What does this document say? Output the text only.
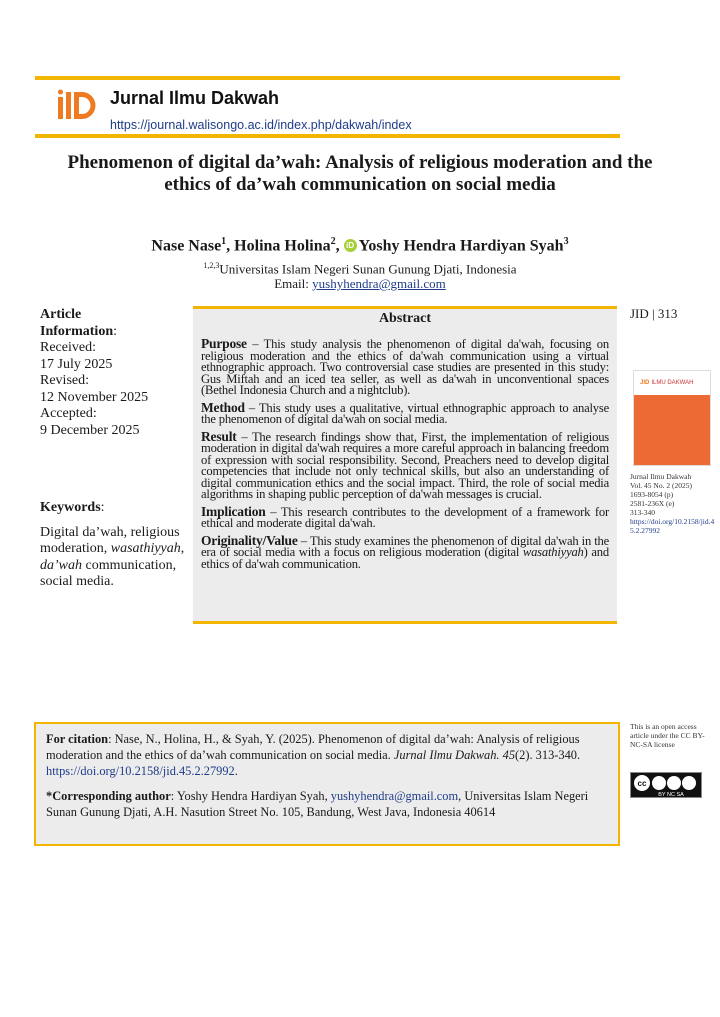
Jurnal Ilmu Dakwah
https://journal.walisongo.ac.id/index.php/dakwah/index
Phenomenon of digital da’wah: Analysis of religious moderation and the ethics of da’wah communication on social media
Nase Nase$^1$, Holina Holina$^2$, iD Yoshy Hendra Hardiyan Syah$^3$
$^{1,2,3}$Universitas Islam Negeri Sunan Gunung Djati, Indonesia
Email: yushyhendra@gmail.com
Article
Information:
Received:
17 July 2025
Revised:
12 November 2025
Accepted:
9 December 2025
Keywords:
Digital da’wah, religious moderation, wasathiyyah, da’wah communication, social media.
Abstract

Purpose – This study analysis the phenomenon of digital da'wah, focusing on religious moderation and the ethics of da'wah communication using a virtual ethnographic approach. Two controversial case studies are presented in this study: Gus Miftah and an iced tea seller, as well as da'wah in unconventional spaces (Bethel Indonesia Church and a nightclub).

Method – This study uses a qualitative, virtual ethnographic approach to analyse the phenomenon of digital da'wah on social media.

Result – The research findings show that, First, the implementation of religious moderation in digital da'wah requires a more careful approach in balancing freedom of expression with social responsibility. Second, Preachers need to develop digital competencies that include not only technical skills, but also an understanding of digital communication ethics and the social impact. Third, the role of social media algorithms in shaping public perception of da'wah messages is crucial.

Implication – This research contributes to the development of a framework for ethical and moderate digital da'wah.

Originality/Value – This study examines the phenomenon of digital da'wah in the era of social media with a focus on religious moderation (digital wasathiyyah) and ethics of da'wah communication.

JID | 313
JID ILMU DAKWAH
Jurnal Ilmu Dakwah
Vol. 45 No. 2 (2025)
1693-8054 (p)
2581-236X (e)
313-340
https://doi.org/10.2158/jid.45.2.27992
For citation: Nase, N., Holina, H., & Syah, Y. (2025). Phenomenon of digital da’wah: Analysis of religious moderation and the ethics of da’wah communication on social media. Jurnal Ilmu Dakwah. 45(2). 313-340. https://doi.org/10.2158/jid.45.2.27992.
*Corresponding author: Yoshy Hendra Hardiyan Syah, yushyhendra@gmail.com, Universitas Islam Negeri Sunan Gunung Djati, A.H. Nasution Street No. 105, Bandung, West Java, Indonesia 40614
This is an open access article under the CC BY-NC-SA license
cc
BY NC SA
